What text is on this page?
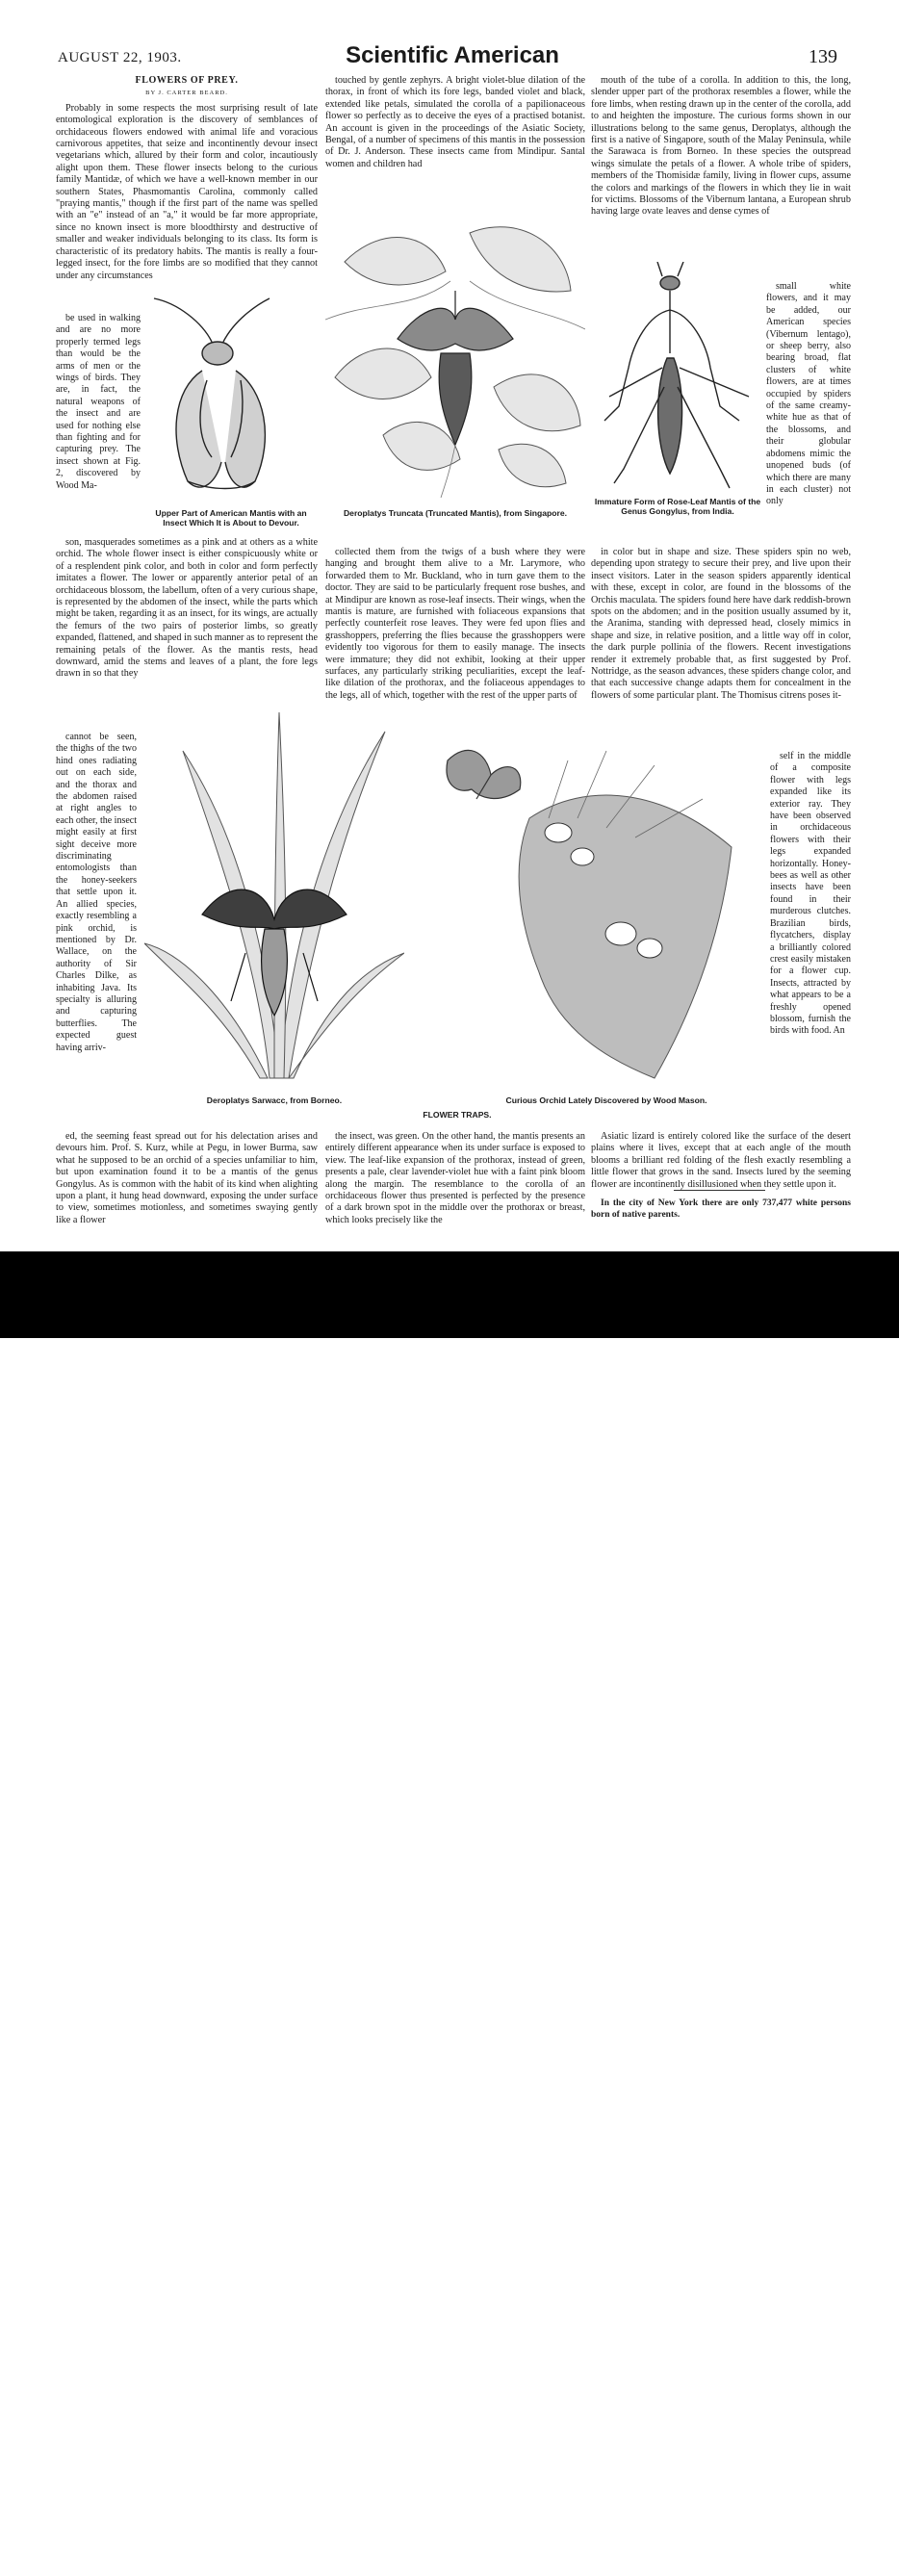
AUGUST 22, 1903.	Scientific American	139
FLOWERS OF PREY.
BY J. CARTER BEARD.

Probably in some respects the most surprising result of late entomological exploration is the discovery of semblances of orchidaceous flowers endowed with animal life and voracious carnivorous appetites, that seize and incontinently devour insect vegetarians which, allured by their form and color, incautiously alight upon them. These flower insects belong to the curious family Mantidæ, of which we have a well-known member in our southern States, Phasmomantis Carolina, commonly called "praying mantis," though if the first part of the name was spelled with an "e" instead of an "a," it would be far more appropriate, since no known insect is more bloodthirsty and destructive of smaller and weaker individuals belonging to its class. Its form is characteristic of its predatory habits. The mantis is really a four-legged insect, for the fore limbs are so modified that they cannot under any circumstances

be used in walking and are no more properly termed legs than would be the arms of men or the wings of birds. They are, in fact, the natural weapons of the insect and are used for nothing else than fighting and for capturing prey. The insect shown at Fig. 2, discovered by Wood Ma-

son, masquerades sometimes as a pink and at others as a white orchid. The whole flower insect is either conspicuously white or of a resplendent pink color, and both in color and form perfectly imitates a flower. The lower or apparently anterior petal of an orchidaceous blossom, the labellum, often of a very curious shape, is represented by the abdomen of the insect, while the parts which might be taken, regarding it as an insect, for its wings, are actually the femurs of the two pairs of posterior limbs, so greatly expanded, flattened, and shaped in such manner as to represent the remaining petals of the flower. As the mantis rests, head downward, amid the stems and leaves of a plant, the fore legs drawn in so that they

cannot be seen, the thighs of the two hind ones radiating out on each side, and the thorax and the abdomen raised at right angles to each other, the insect might easily at first sight deceive more discriminating entomologists than the honey-seekers that settle upon it. An allied species, exactly resembling a pink orchid, is mentioned by Dr. Wallace, on the authority of Sir Charles Dilke, as inhabiting Java. Its specialty is alluring and capturing butterflies. The expected guest having arriv-

ed, the seeming feast spread out for his delectation arises and devours him. Prof. S. Kurz, while at Pegu, in lower Burma, saw what he supposed to be an orchid of a species unfamiliar to him, but upon examination found it to be a mantis of the genus Gongylus. As is common with the habit of its kind when alighting upon a plant, it hung head downward, exposing the under surface to view, sometimes motionless, and sometimes swaying gently like a flower

touched by gentle zephyrs. A bright violet-blue dilation of the thorax, in front of which its fore legs, banded violet and black, extended like petals, simulated the corolla of a papilionaceous flower so perfectly as to deceive the eyes of a practised botanist. An account is given in the proceedings of the Asiatic Society, Bengal, of a number of specimens of this mantis in the possession of Dr. J. Anderson. These insects came from Mindipur. Santal women and children had

collected them from the twigs of a bush where they were hanging and brought them alive to a Mr. Larymore, who forwarded them to Mr. Buckland, who in turn gave them to the doctor. They are said to be particularly frequent rose bushes, and at Mindipur are known as rose-leaf insects. Their wings, when the mantis is mature, are furnished with foliaceous expansions that perfectly counterfeit rose leaves. They were fed upon flies and grasshoppers, preferring the flies because the grasshoppers were evidently too vigorous for them to easily manage. The insects were immature; they did not exhibit, looking at their upper surfaces, any particularly striking peculiarities, except the leaf-like dilation of the prothorax, and the foliaceous appendages to the legs, all of which, together with the rest of the upper parts of

the insect, was green. On the other hand, the mantis presents an entirely different appearance when its under surface is exposed to view. The leaf-like expansion of the prothorax, instead of green, presents a pale, clear lavender-violet hue with a faint pink bloom along the margin. The resemblance to the corolla of an orchidaceous flower thus presented is perfected by the presence of a dark brown spot in the middle over the prothorax or breast, which looks precisely like the

mouth of the tube of a corolla. In addition to this, the long, slender upper part of the prothorax resembles a flower, while the fore limbs, when resting drawn up in the center of the corolla, add to and heighten the imposture. The curious forms shown in our illustrations belong to the same genus, Deroplatys, although the first is a native of Singapore, south of the Malay Peninsula, while the Sarawaca is from Borneo. In these species the outspread wings simulate the petals of a flower. A whole tribe of spiders, members of the Thomisidæ family, living in flower cups, assume the colors and markings of the flowers in which they lie in wait for victims. Blossoms of the Vibernum lantana, a European shrub having large ovate leaves and dense cymes of

small white flowers, and it may be added, our American species (Vibernum lentago), or sheep berry, also bearing broad, flat clusters of white flowers, are at times occupied by spiders of the same creamy-white hue as that of the blossoms, and their globular abdomens mimic the unopened buds (of which there are many in each cluster) not only

in color but in shape and size. These spiders spin no web, depending upon strategy to secure their prey, and live upon their insect visitors. Later in the season spiders apparently identical with these, except in color, are found in the blossoms of the Orchis maculata. The spiders found here have dark reddish-brown spots on the abdomen; and in the position usually assumed by it, the Aranima, standing with depressed head, closely mimics in shape and size, in relative position, and a little way off in color, the dark purple pollinia of the flowers. Recent investigations render it extremely probable that, as first suggested by Prof. Nottridge, as the season advances, these spiders change color, and that each successive change adapts them for concealment in the flowers of some particular plant. The Thomisus citrens poses it-

self in the middle of a composite flower with legs expanded like its exterior ray. They have been observed in orchidaceous flowers with their legs expanded horizontally. Honey-bees as well as other insects have been found in their murderous clutches. Brazilian birds, flycatchers, display a brilliantly colored crest easily mistaken for a flower cup. Insects, attracted by what appears to be a freshly opened blossom, furnish the birds with food. An

Asiatic lizard is entirely colored like the surface of the desert plains where it lives, except that at each angle of the mouth blooms a brilliant red folding of the flesh exactly resembling a little flower that grows in the sand. Insects lured by the seeming flower are incontinently disillusioned when they settle upon it.

In the city of New York there are only 737,477 white persons born of native parents.

Upper Part of American Mantis with an Insect Which It is About to Devour.
Deroplatys Truncata (Truncated Mantis), from Singapore.
Immature Form of Rose-Leaf Mantis of the Genus Gongylus, from India.
Deroplatys Sarwacc, from Borneo.	Curious Orchid Lately Discovered by Wood Mason.
FLOWER TRAPS.
alamy	Image ID: 2ABXT79
www.alamy.com
